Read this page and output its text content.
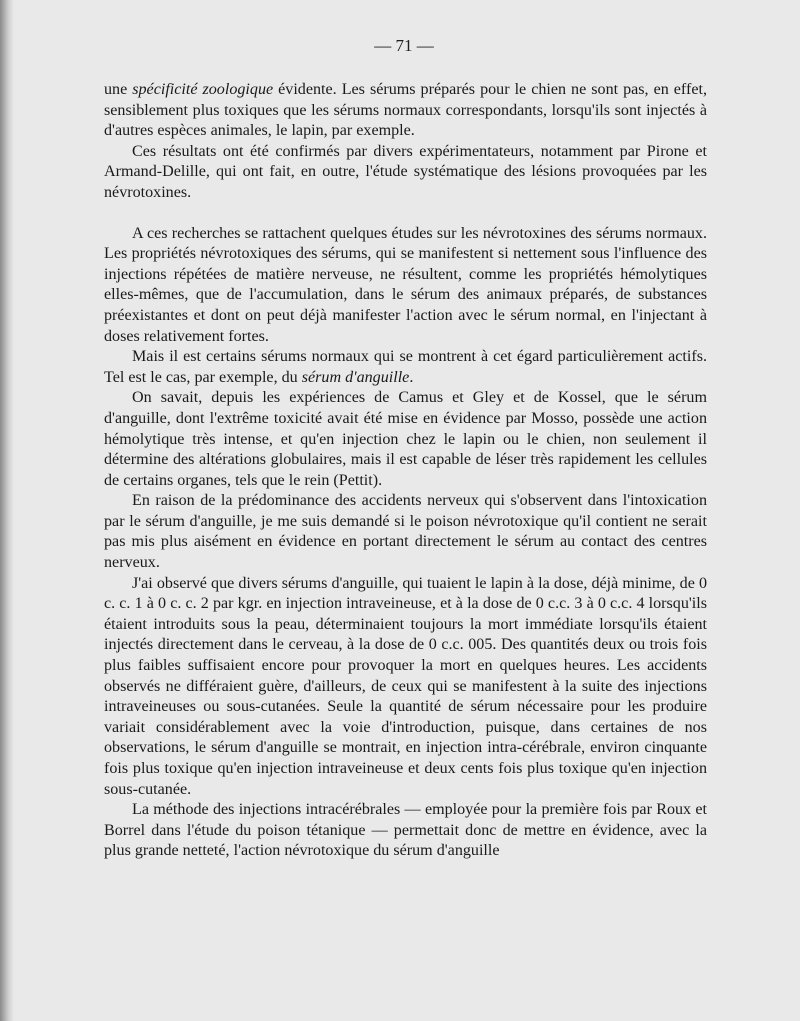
— 71 —

une spécificité zoologique évidente. Les sérums préparés pour le chien ne sont pas, en effet, sensiblement plus toxiques que les sérums normaux correspondants, lorsqu'ils sont injectés à d'autres espèces animales, le lapin, par exemple.

Ces résultats ont été confirmés par divers expérimentateurs, notamment par Pirone et Armand-Delille, qui ont fait, en outre, l'étude systématique des lésions provoquées par les névrotoxines.

A ces recherches se rattachent quelques études sur les névrotoxines des sérums normaux. Les propriétés névrotoxiques des sérums, qui se manifestent si nettement sous l'influence des injections répétées de matière nerveuse, ne résultent, comme les propriétés hémolytiques elles-mêmes, que de l'accumulation, dans le sérum des animaux préparés, de substances préexistantes et dont on peut déjà manifester l'action avec le sérum normal, en l'injectant à doses relativement fortes.

Mais il est certains sérums normaux qui se montrent à cet égard particulièrement actifs. Tel est le cas, par exemple, du sérum d'anguille.

On savait, depuis les expériences de Camus et Gley et de Kossel, que le sérum d'anguille, dont l'extrême toxicité avait été mise en évidence par Mosso, possède une action hémolytique très intense, et qu'en injection chez le lapin ou le chien, non seulement il détermine des altérations globulaires, mais il est capable de léser très rapidement les cellules de certains organes, tels que le rein (Pettit).

En raison de la prédominance des accidents nerveux qui s'observent dans l'intoxication par le sérum d'anguille, je me suis demandé si le poison névrotoxique qu'il contient ne serait pas mis plus aisément en évidence en portant directement le sérum au contact des centres nerveux.

J'ai observé que divers sérums d'anguille, qui tuaient le lapin à la dose, déjà minime, de 0 c. c. 1 à 0 c. c. 2 par kgr. en injection intraveineuse, et à la dose de 0 c.c. 3 à 0 c.c. 4 lorsqu'ils étaient introduits sous la peau, déterminaient toujours la mort immédiate lorsqu'ils étaient injectés directement dans le cerveau, à la dose de 0 c.c. 005. Des quantités deux ou trois fois plus faibles suffisaient encore pour provoquer la mort en quelques heures. Les accidents observés ne différaient guère, d'ailleurs, de ceux qui se manifestent à la suite des injections intraveineuses ou sous-cutanées. Seule la quantité de sérum nécessaire pour les produire variait considérablement avec la voie d'introduction, puisque, dans certaines de nos observations, le sérum d'anguille se montrait, en injection intra-cérébrale, environ cinquante fois plus toxique qu'en injection intraveineuse et deux cents fois plus toxique qu'en injection sous-cutanée.

La méthode des injections intracérébrales — employée pour la première fois par Roux et Borrel dans l'étude du poison tétanique — permettait donc de mettre en évidence, avec la plus grande netteté, l'action névrotoxique du sérum d'anguille
